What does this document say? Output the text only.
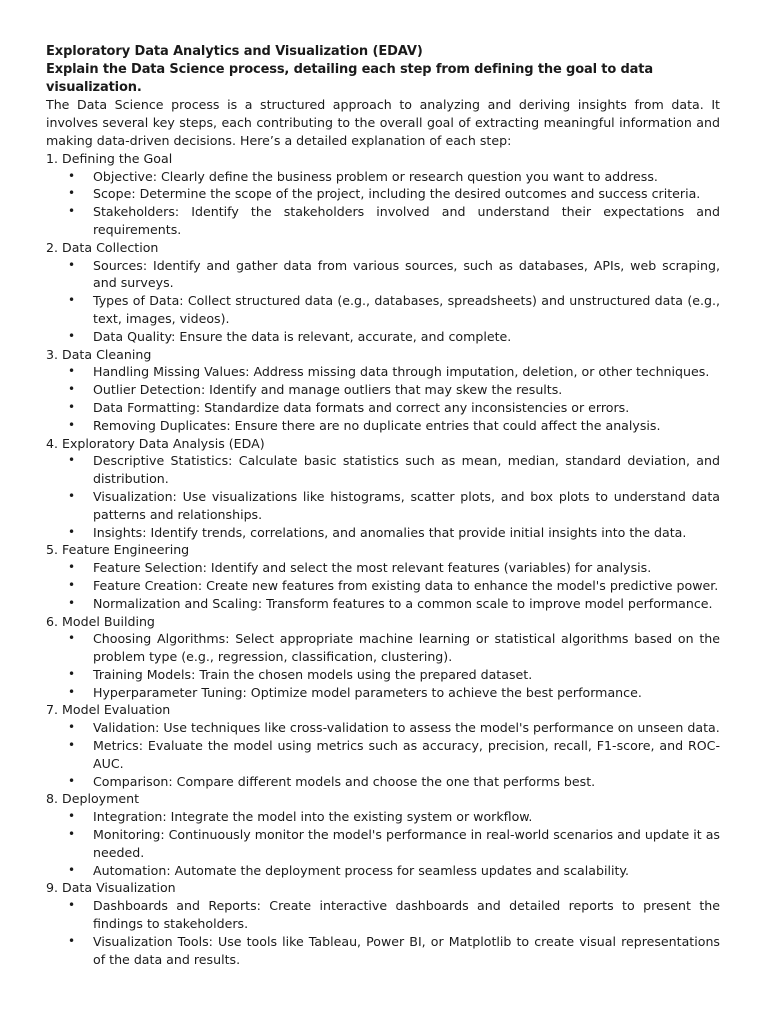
Exploratory Data Analytics and Visualization (EDAV)

Explain the Data Science process, detailing each step from defining the goal to data visualization.

The Data Science process is a structured approach to analyzing and deriving insights from data. It involves several key steps, each contributing to the overall goal of extracting meaningful information and making data-driven decisions. Here’s a detailed explanation of each step:

1. Defining the Goal

• Objective: Clearly define the business problem or research question you want to address.
• Scope: Determine the scope of the project, including the desired outcomes and success criteria.
• Stakeholders: Identify the stakeholders involved and understand their expectations and requirements.

2. Data Collection

• Sources: Identify and gather data from various sources, such as databases, APIs, web scraping, and surveys.
• Types of Data: Collect structured data (e.g., databases, spreadsheets) and unstructured data (e.g., text, images, videos).
• Data Quality: Ensure the data is relevant, accurate, and complete.

3. Data Cleaning

• Handling Missing Values: Address missing data through imputation, deletion, or other techniques.
• Outlier Detection: Identify and manage outliers that may skew the results.
• Data Formatting: Standardize data formats and correct any inconsistencies or errors.
• Removing Duplicates: Ensure there are no duplicate entries that could affect the analysis.

4. Exploratory Data Analysis (EDA)

• Descriptive Statistics: Calculate basic statistics such as mean, median, standard deviation, and distribution.
• Visualization: Use visualizations like histograms, scatter plots, and box plots to understand data patterns and relationships.
• Insights: Identify trends, correlations, and anomalies that provide initial insights into the data.

5. Feature Engineering

• Feature Selection: Identify and select the most relevant features (variables) for analysis.
• Feature Creation: Create new features from existing data to enhance the model's predictive power.
• Normalization and Scaling: Transform features to a common scale to improve model performance.

6. Model Building

• Choosing Algorithms: Select appropriate machine learning or statistical algorithms based on the problem type (e.g., regression, classification, clustering).
• Training Models: Train the chosen models using the prepared dataset.
• Hyperparameter Tuning: Optimize model parameters to achieve the best performance.

7. Model Evaluation

• Validation: Use techniques like cross-validation to assess the model's performance on unseen data.
• Metrics: Evaluate the model using metrics such as accuracy, precision, recall, F1-score, and ROC-AUC.
• Comparison: Compare different models and choose the one that performs best.

8. Deployment

• Integration: Integrate the model into the existing system or workflow.
• Monitoring: Continuously monitor the model's performance in real-world scenarios and update it as needed.
• Automation: Automate the deployment process for seamless updates and scalability.

9. Data Visualization

• Dashboards and Reports: Create interactive dashboards and detailed reports to present the findings to stakeholders.
• Visualization Tools: Use tools like Tableau, Power BI, or Matplotlib to create visual representations of the data and results.
